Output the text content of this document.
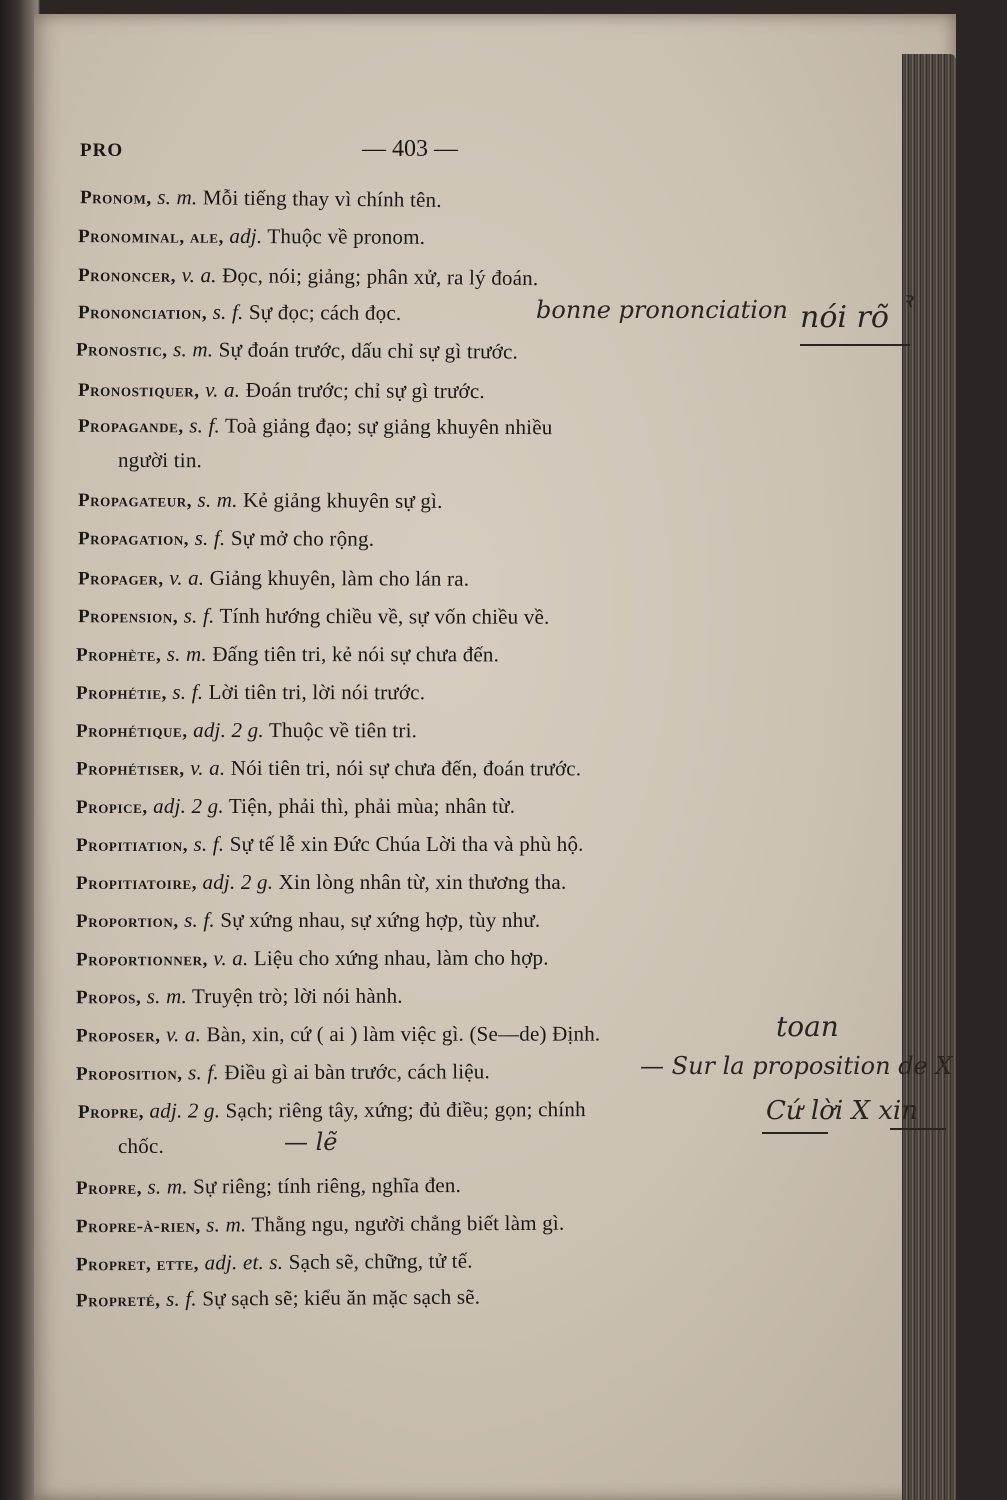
PRO	— 403 —
Pronom, s. m. Mỗi tiếng thay vì chính tên.
Pronominal, ale, adj. Thuộc về pronom.
Prononcer, v. a. Đọc, nói; giảng; phân xử, ra lý đoán.
Prononciation, s. f. Sự đọc; cách đọc.
Pronostic, s. m. Sự đoán trước, dấu chỉ sự gì trước.
Pronostiquer, v. a. Đoán trước; chỉ sự gì trước.
Propagande, s. f. Toà giảng đạo; sự giảng khuyên nhiều
người tin.
Propagateur, s. m. Kẻ giảng khuyên sự gì.
Propagation, s. f. Sự mở cho rộng.
Propager, v. a. Giảng khuyên, làm cho lán ra.
Propension, s. f. Tính hướng chiều về, sự vốn chiều về.
Prophète, s. m. Đấng tiên tri, kẻ nói sự chưa đến.
Prophétie, s. f. Lời tiên tri, lời nói trước.
Prophétique, adj. 2 g. Thuộc về tiên tri.
Prophétiser, v. a. Nói tiên tri, nói sự chưa đến, đoán trước.
Propice, adj. 2 g. Tiện, phải thì, phải mùa; nhân từ.
Propitiation, s. f. Sự tế lễ xin Đức Chúa Lời tha và phù hộ.
Propitiatoire, adj. 2 g. Xin lòng nhân từ, xin thương tha.
Proportion, s. f. Sự xứng nhau, sự xứng hợp, tùy như.
Proportionner, v. a. Liệu cho xứng nhau, làm cho hợp.
Propos, s. m. Truyện trò; lời nói hành.
Proposer, v. a. Bàn, xin, cứ ( ai ) làm việc gì. (Se—de) Định.
Proposition, s. f. Điều gì ai bàn trước, cách liệu.
Propre, adj. 2 g. Sạch; riêng tây, xứng; đủ điều; gọn; chính
chốc.
Propre, s. m. Sự riêng; tính riêng, nghĩa đen.
Propre-à-rien, s. m. Thằng ngu, người chẳng biết làm gì.
Propret, ette, adj. et. s. Sạch sẽ, chững, tử tế.
Propreté, s. f. Sự sạch sẽ; kiểu ăn mặc sạch sẽ.
bonne prononciation nói rõ ꝛ
toan
— Sur la proposition de X
Cứ lời X xin
— lẽ
